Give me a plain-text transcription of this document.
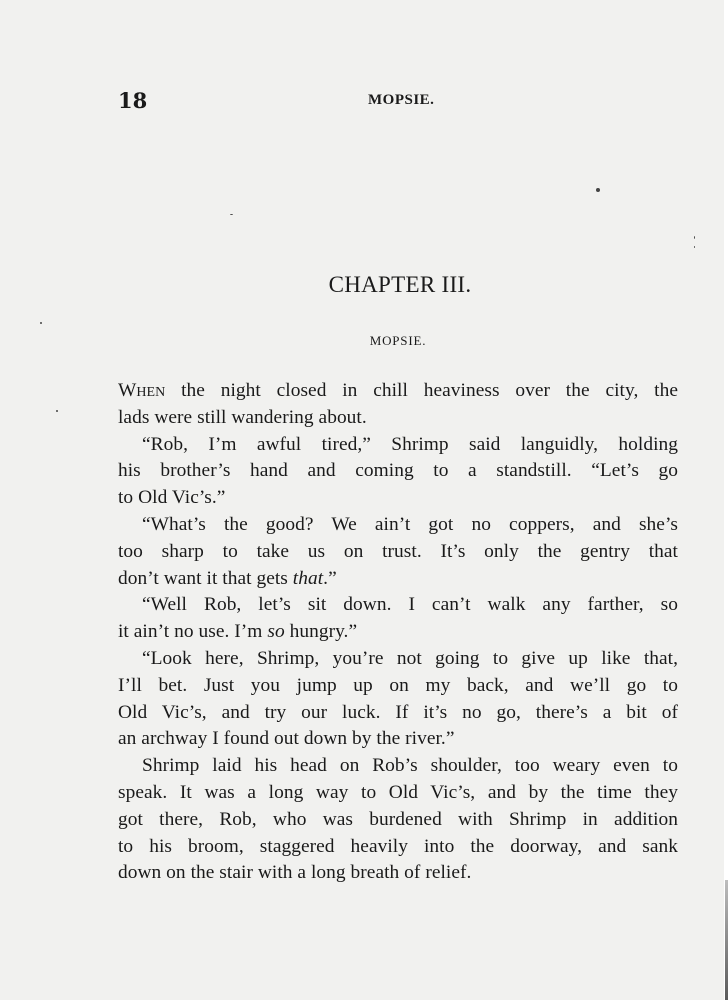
18	MOPSIE.
CHAPTER III.
MOPSIE.
When the night closed in chill heaviness over the city, the
lads were still wandering about.
“Rob, I’m awful tired,” Shrimp said languidly, holding
his brother’s hand and coming to a standstill. “Let’s go
to Old Vic’s.”
“What’s the good? We ain’t got no coppers, and she’s
too sharp to take us on trust. It’s only the gentry that
don’t want it that gets that.”
“Well Rob, let’s sit down. I can’t walk any farther, so
it ain’t no use. I’m so hungry.”
“Look here, Shrimp, you’re not going to give up like that,
I’ll bet. Just you jump up on my back, and we’ll go to
Old Vic’s, and try our luck. If it’s no go, there’s a bit of
an archway I found out down by the river.”
Shrimp laid his head on Rob’s shoulder, too weary even to
speak. It was a long way to Old Vic’s, and by the time they
got there, Rob, who was burdened with Shrimp in addition
to his broom, staggered heavily into the doorway, and sank
down on the stair with a long breath of relief.
